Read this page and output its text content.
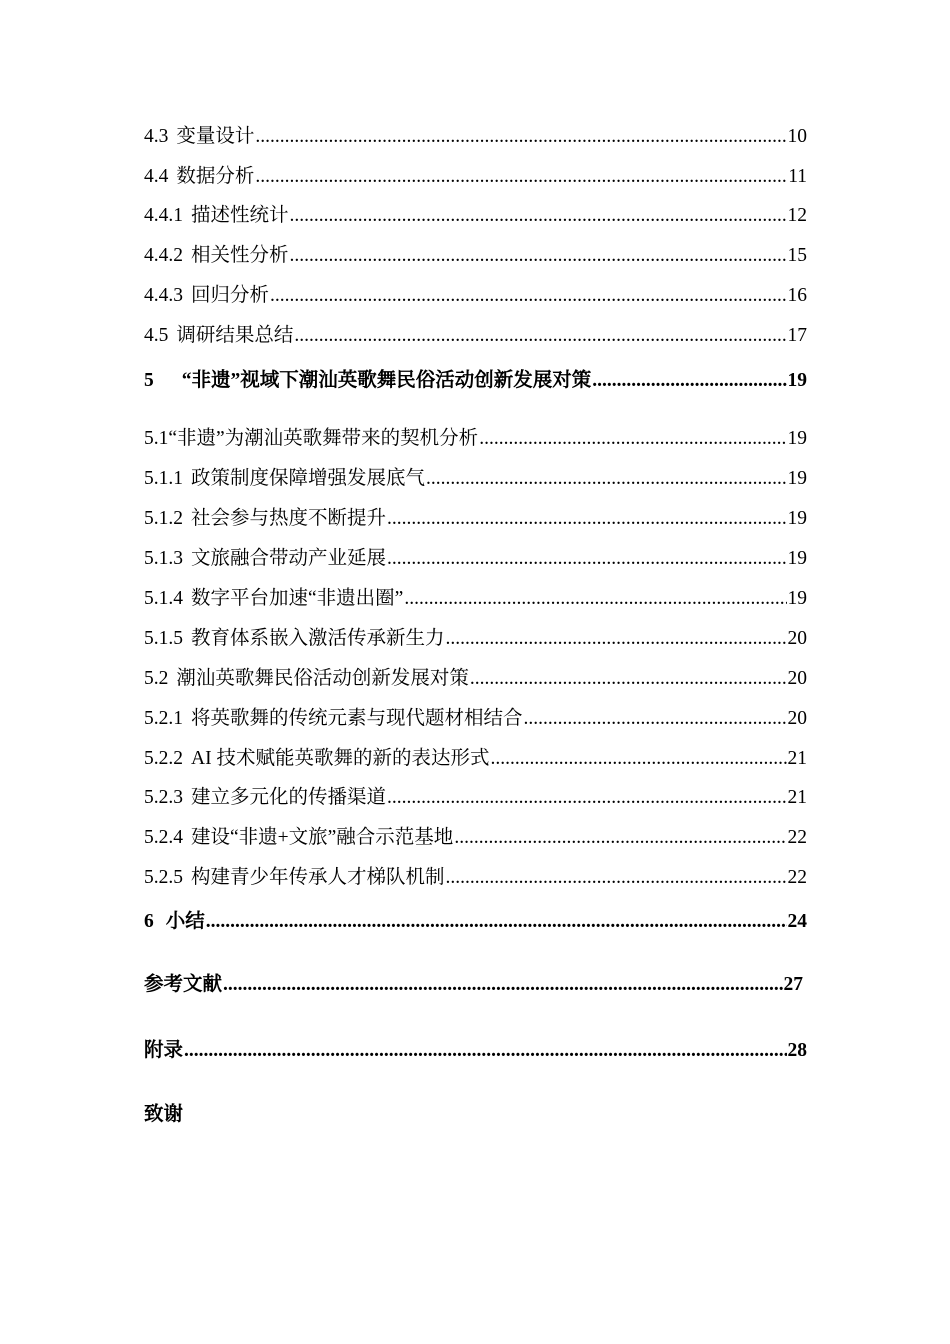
4.3 变量设计 .....	10
4.4 数据分析 .....	11
4.4.1 描述性统计 .....	12
4.4.2 相关性分析 .....	15
4.4.3 回归分析 .....	16
4.5 调研结果总结 .....	17
5 “非遗”视域下潮汕英歌舞民俗活动创新发展对策 .....	19
5.1“非遗”为潮汕英歌舞带来的契机分析 .....	19
5.1.1 政策制度保障增强发展底气 .....	19
5.1.2 社会参与热度不断提升 .....	19
5.1.3 文旅融合带动产业延展 .....	19
5.1.4 数字平台加速“非遗出圈” .....	19
5.1.5 教育体系嵌入激活传承新生力 .....	20
5.2 潮汕英歌舞民俗活动创新发展对策 .....	20
5.2.1 将英歌舞的传统元素与现代题材相结合 .....	20
5.2.2 AI 技术赋能英歌舞的新的表达形式 .....	21
5.2.3 建立多元化的传播渠道 .....	21
5.2.4 建设“非遗+文旅”融合示范基地 .....	22
5.2.5 构建青少年传承人才梯队机制 .....	22
6 小结 .....	24
参考文献 .....	27
附录 .....	28
致谢
